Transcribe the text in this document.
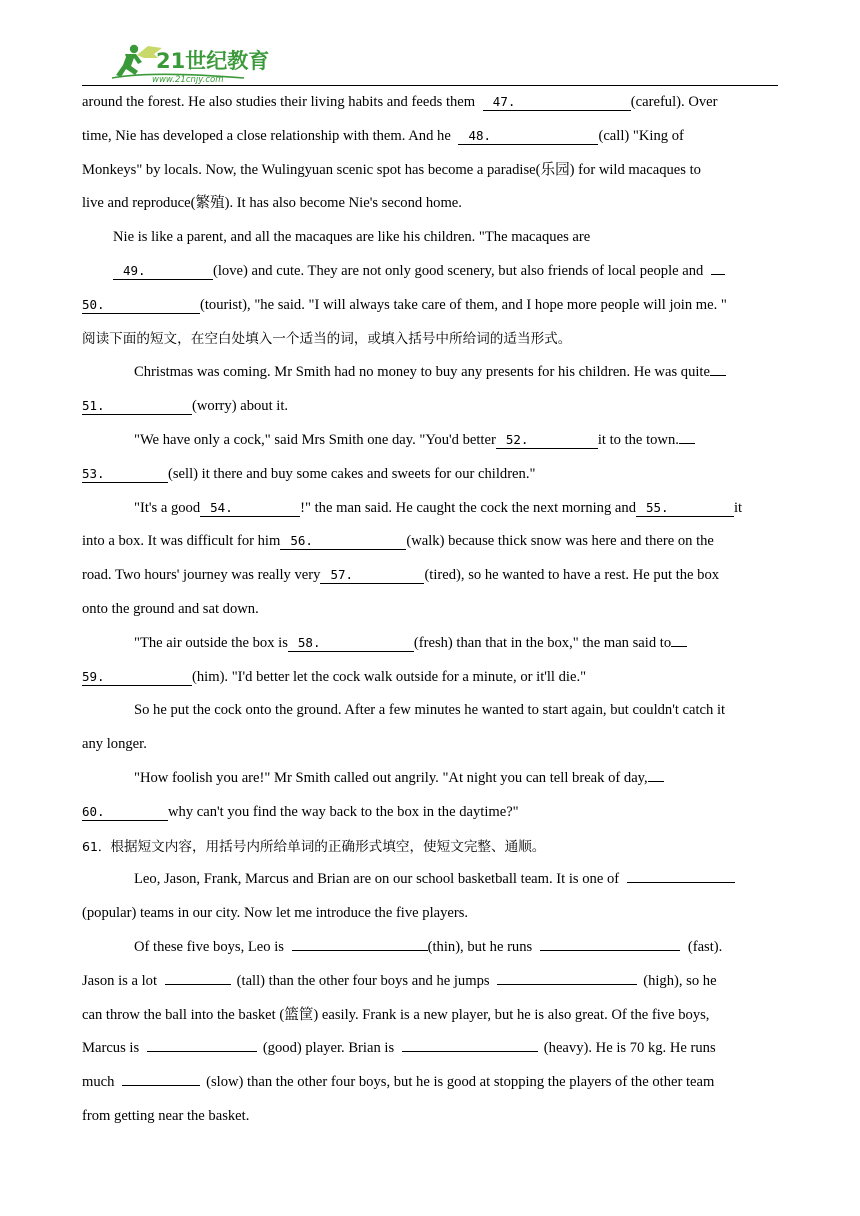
21世纪教育
www.21cnjy.com
around the forest. He also studies their living habits and feeds them 47.	(careful). Over
time, Nie has developed a close relationship with them. And he 48.	(call) "King of
Monkeys" by locals. Now, the Wulingyuan scenic spot has become a paradise(乐园) for wild macaques to
live and reproduce(繁殖). It has also become Nie's second home.
Nie is like a parent, and all the macaques are like his children. "The macaques are
49.	(love) and cute. They are not only good scenery, but also friends of local people and
50.	(tourist), "he said. "I will always take care of them, and I hope more people will join me. "
阅读下面的短文，在空白处填入一个适当的词，或填入括号中所给词的适当形式。
Christmas was coming. Mr Smith had no money to buy any presents for his children. He was quite
51.	(worry) about it.
"We have only a cock," said Mrs Smith one day. "You'd better 52.	it to the town.
53.	(sell) it there and buy some cakes and sweets for our children."
"It's a good 54.	!" the man said. He caught the cock the next morning and 55.	it
into a box. It was difficult for him 56.	(walk) because thick snow was here and there on the
road. Two hours' journey was really very 57.	(tired), so he wanted to have a rest. He put the box
onto the ground and sat down.
"The air outside the box is 58.	(fresh) than that in the box," the man said to
59.	(him). "I'd better let the cock walk outside for a minute, or it'll die."
So he put the cock onto the ground. After a few minutes he wanted to start again, but couldn't catch it
any longer.
"How foolish you are!" Mr Smith called out angrily. "At night you can tell break of day,
60.	why can't you find the way back to the box in the daytime?"
61．根据短文内容，用括号内所给单词的正确形式填空，使短文完整、通顺。
Leo, Jason, Frank, Marcus and Brian are on our school basketball team. It is one of
(popular) teams in our city. Now let me introduce the five players.
Of these five boys, Leo is	(thin), but he runs	(fast).
Jason is a lot	(tall) than the other four boys and he jumps	(high), so he
can throw the ball into the basket (篮筐) easily. Frank is a new player, but he is also great. Of the five boys,
Marcus is	(good) player. Brian is	(heavy). He is 70 kg. He runs
much	(slow) than the other four boys, but he is good at stopping the players of the other team
from getting near the basket.
